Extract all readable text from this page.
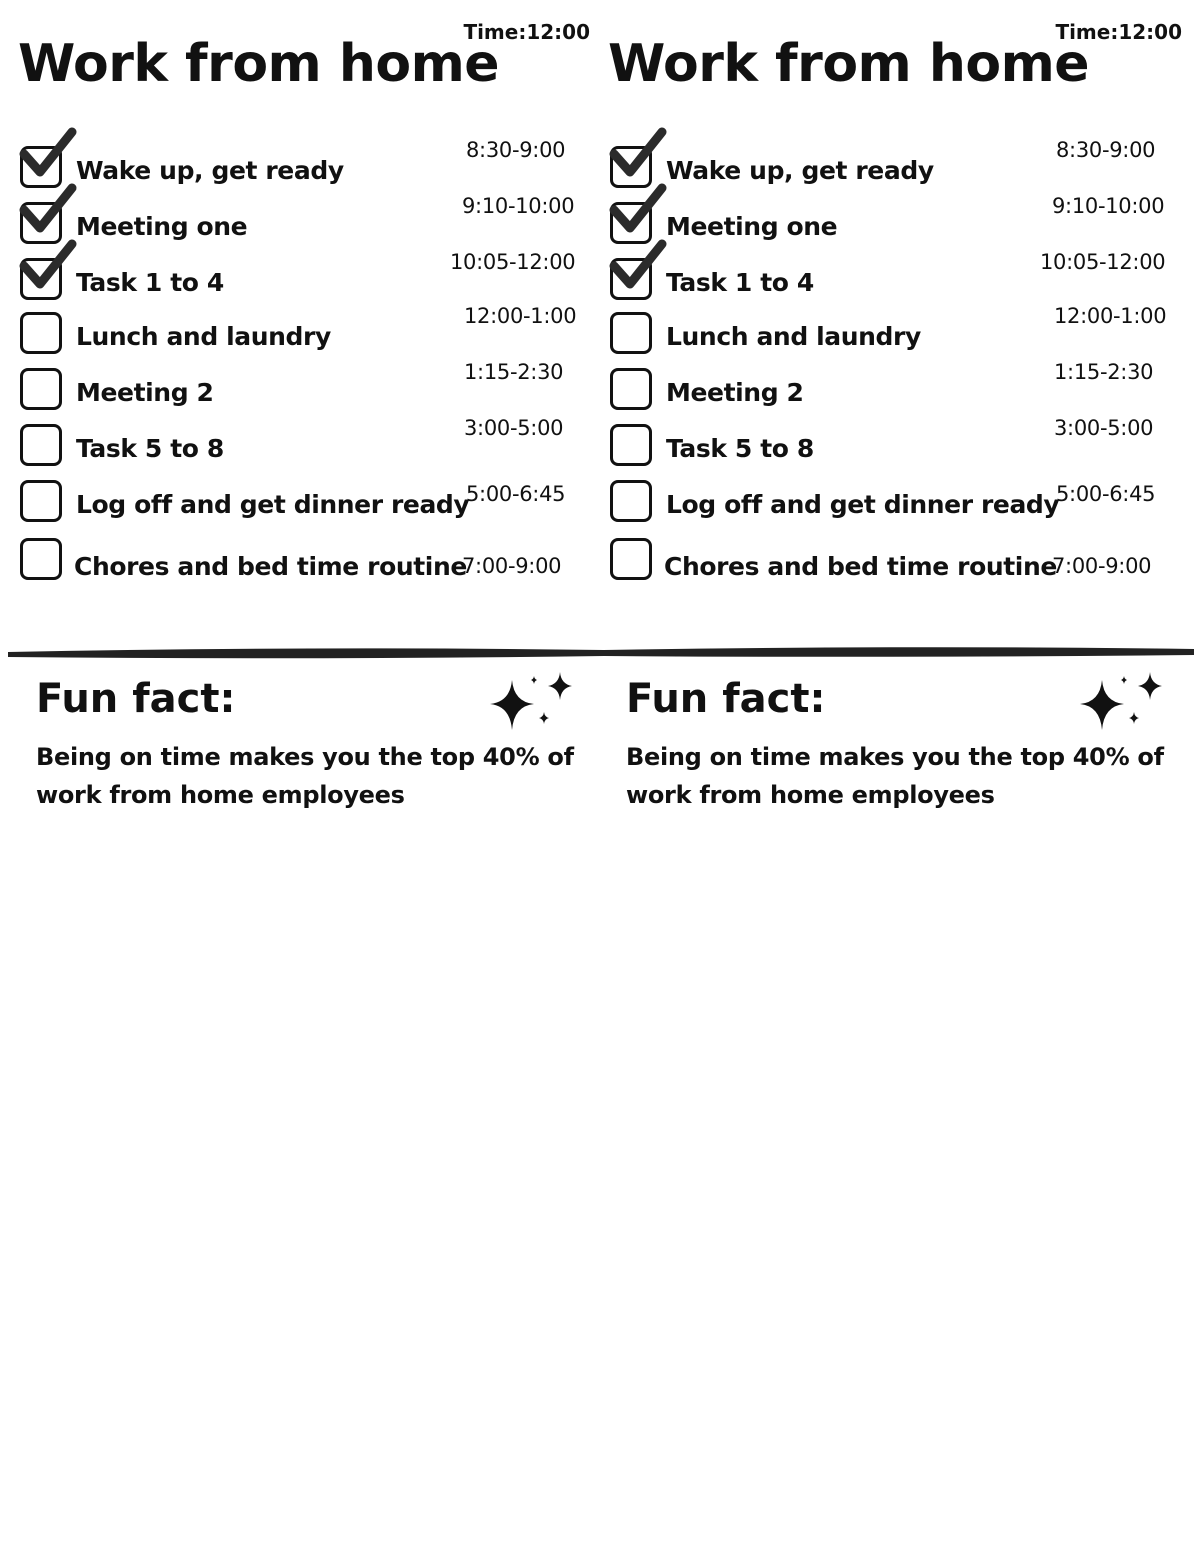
Time:12:00
Work from home
Wake up, get ready
8:30-9:00
Meeting one
9:10-10:00
Task 1 to 4
10:05-12:00
Lunch and laundry
12:00-1:00
Meeting 2
1:15-2:30
Task 5 to 8
3:00-5:00
Log off and get dinner ready
5:00-6:45
Chores and bed time routine
7:00-9:00
Fun fact:

Being on time makes you the top 40% of work from home employees

Time:12:00
Work from home
Wake up, get ready
8:30-9:00
Meeting one
9:10-10:00
Task 1 to 4
10:05-12:00
Lunch and laundry
12:00-1:00
Meeting 2
1:15-2:30
Task 5 to 8
3:00-5:00
Log off and get dinner ready
5:00-6:45
Chores and bed time routine
7:00-9:00
Fun fact:

Being on time makes you the top 40% of work from home employees
